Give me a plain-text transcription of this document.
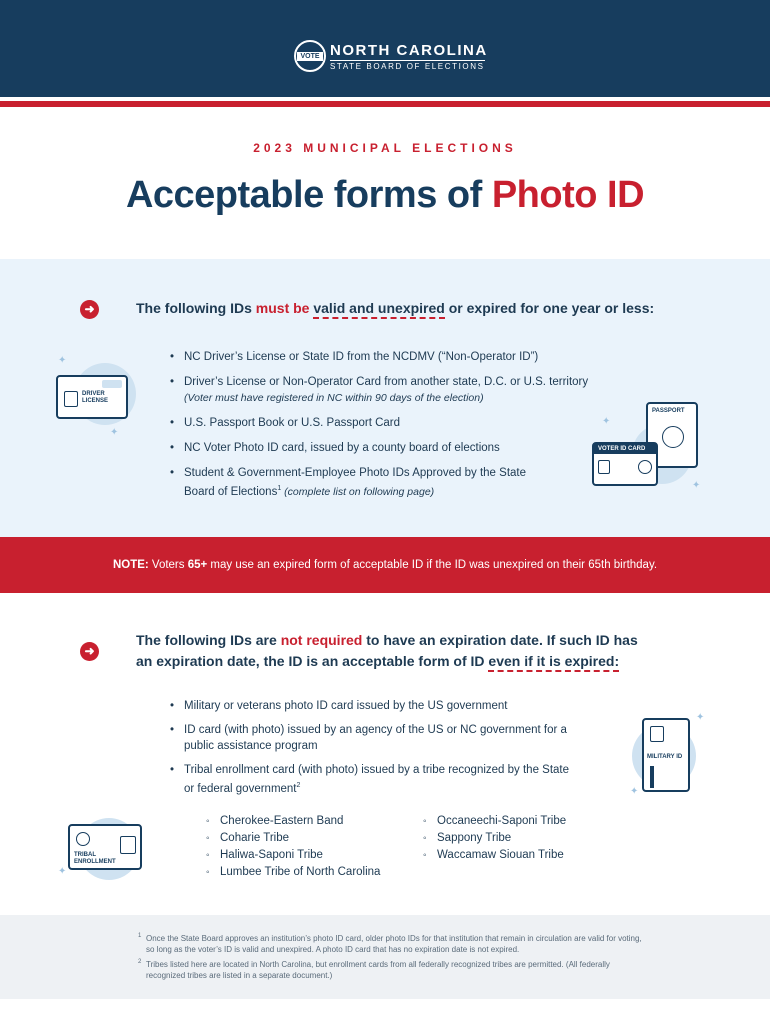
VOTE NORTH CAROLINA
STATE BOARD OF ELECTIONS
2023 MUNICIPAL ELECTIONS
Acceptable forms of Photo ID
➜	The following IDs must be valid and unexpired or expired for one year or less:
• NC Driver’s License or State ID from the NCDMV (“Non-Operator ID”)
• Driver’s License or Non-Operator Card from another state, D.C. or U.S. territory (Voter must have registered in NC within 90 days of the election)
• U.S. Passport Book or U.S. Passport Card
• NC Voter Photo ID card, issued by a county board of elections
• Student & Government-Employee Photo IDs Approved by the State Board of Elections$^1$ (complete list on following page)
DRIVER LICENSE
✦
✦
PASSPORT
VOTER ID CARD
✦
✦
NOTE: Voters 65+ may use an expired form of acceptable ID if the ID was unexpired on their 65th birthday.
➜
The following IDs are not required to have an expiration date. If such ID has
an expiration date, the ID is an acceptable form of ID even if it is expired:
• Military or veterans photo ID card issued by the US government
• ID card (with photo) issued by an agency of the US or NC government for a public assistance program
• Tribal enrollment card (with photo) issued by a tribe recognized by the State or federal government$^2$
◦ Cherokee-Eastern Band
◦ Coharie Tribe
◦ Haliwa-Saponi Tribe
◦ Lumbee Tribe of North Carolina
◦ Occaneechi-Saponi Tribe
◦ Sappony Tribe
◦ Waccamaw Siouan Tribe
MILITARY ID
✦
✦
TRIBAL ENROLLMENT
✦
1 Once the State Board approves an institution’s photo ID card, older photo IDs for that institution that remain in circulation are valid for voting, so long as the voter’s ID is valid and unexpired. A photo ID card that has no expiration date is not expired.
2 Tribes listed here are located in North Carolina, but enrollment cards from all federally recognized tribes are permitted. (All federally recognized tribes are listed in a separate document.)
